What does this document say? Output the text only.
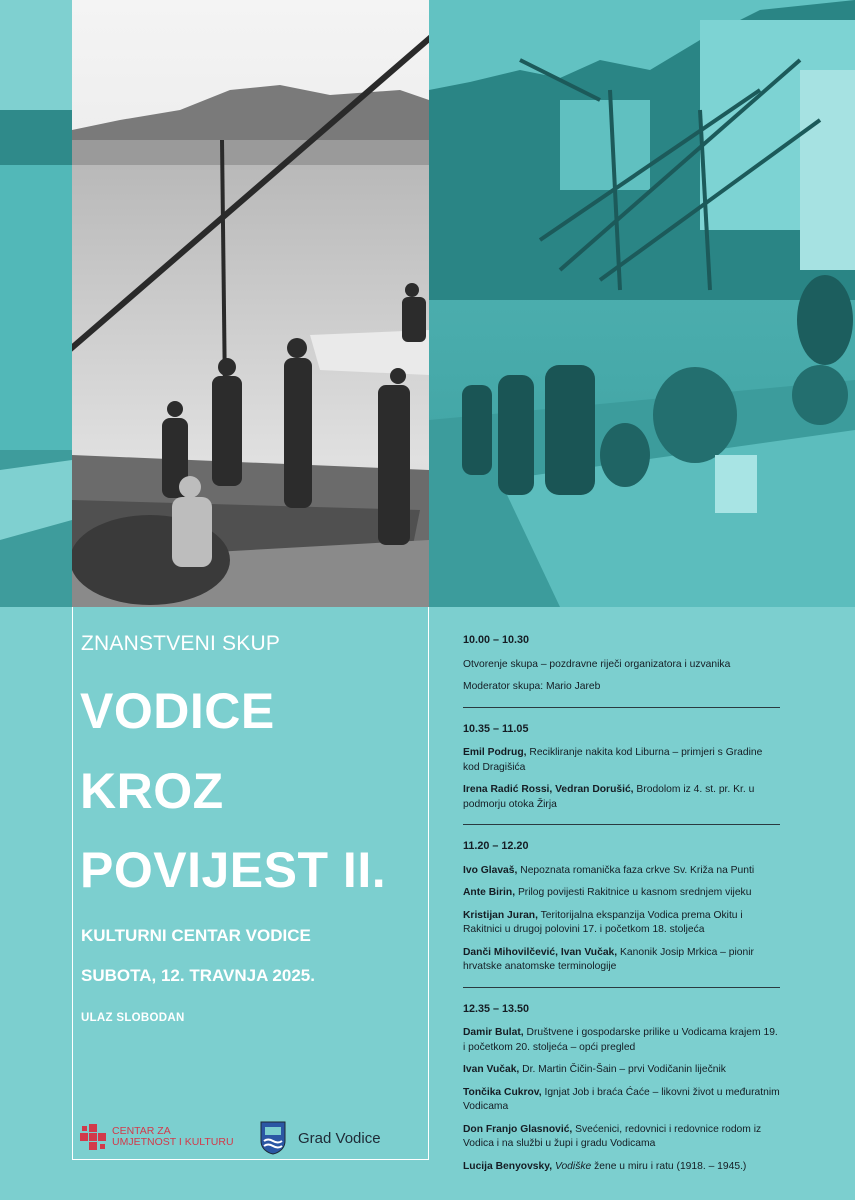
ZNANSTVENI SKUP
VODICE
KROZ
POVIJEST II.
KULTURNI CENTAR VODICE
SUBOTA, 12. TRAVNJA 2025.
ULAZ SLOBODAN
CENTAR ZA
UMJETNOST I KULTURU	Grad Vodice
10.00 – 10.30
Otvorenje skupa – pozdravne riječi organizatora i uzvanika
Moderator skupa: Mario Jareb
10.35 – 11.05
Emil Podrug, Recikliranje nakita kod Liburna – primjeri s Gradine kod Dragišića
Irena Radić Rossi, Vedran Dorušić, Brodolom iz 4. st. pr. Kr. u podmorju otoka Žirja
11.20 – 12.20
Ivo Glavaš, Nepoznata romanička faza crkve Sv. Križa na Punti
Ante Birin, Prilog povijesti Rakitnice u kasnom srednjem vijeku
Kristijan Juran, Teritorijalna ekspanzija Vodica prema Okitu i Rakitnici u drugoj polovini 17. i početkom 18. stoljeća
Danči Mihovilčević, Ivan Vučak, Kanonik Josip Mrkica – pionir hrvatske anatomske terminologije
12.35 – 13.50
Damir Bulat, Društvene i gospodarske prilike u Vodicama krajem 19. i početkom 20. stoljeća – opći pregled
Ivan Vučak, Dr. Martin Čičin-Šain – prvi Vodičanin liječnik
Tončika Cukrov, Ignjat Job i braća Ćaće – likovni život u međuratnim Vodicama
Don Franjo Glasnović, Svećenici, redovnici i redovnice rodom iz Vodica i na službi u župi i gradu Vodicama
Lucija Benyovsky, Vodiške žene u miru i ratu (1918. – 1945.)
